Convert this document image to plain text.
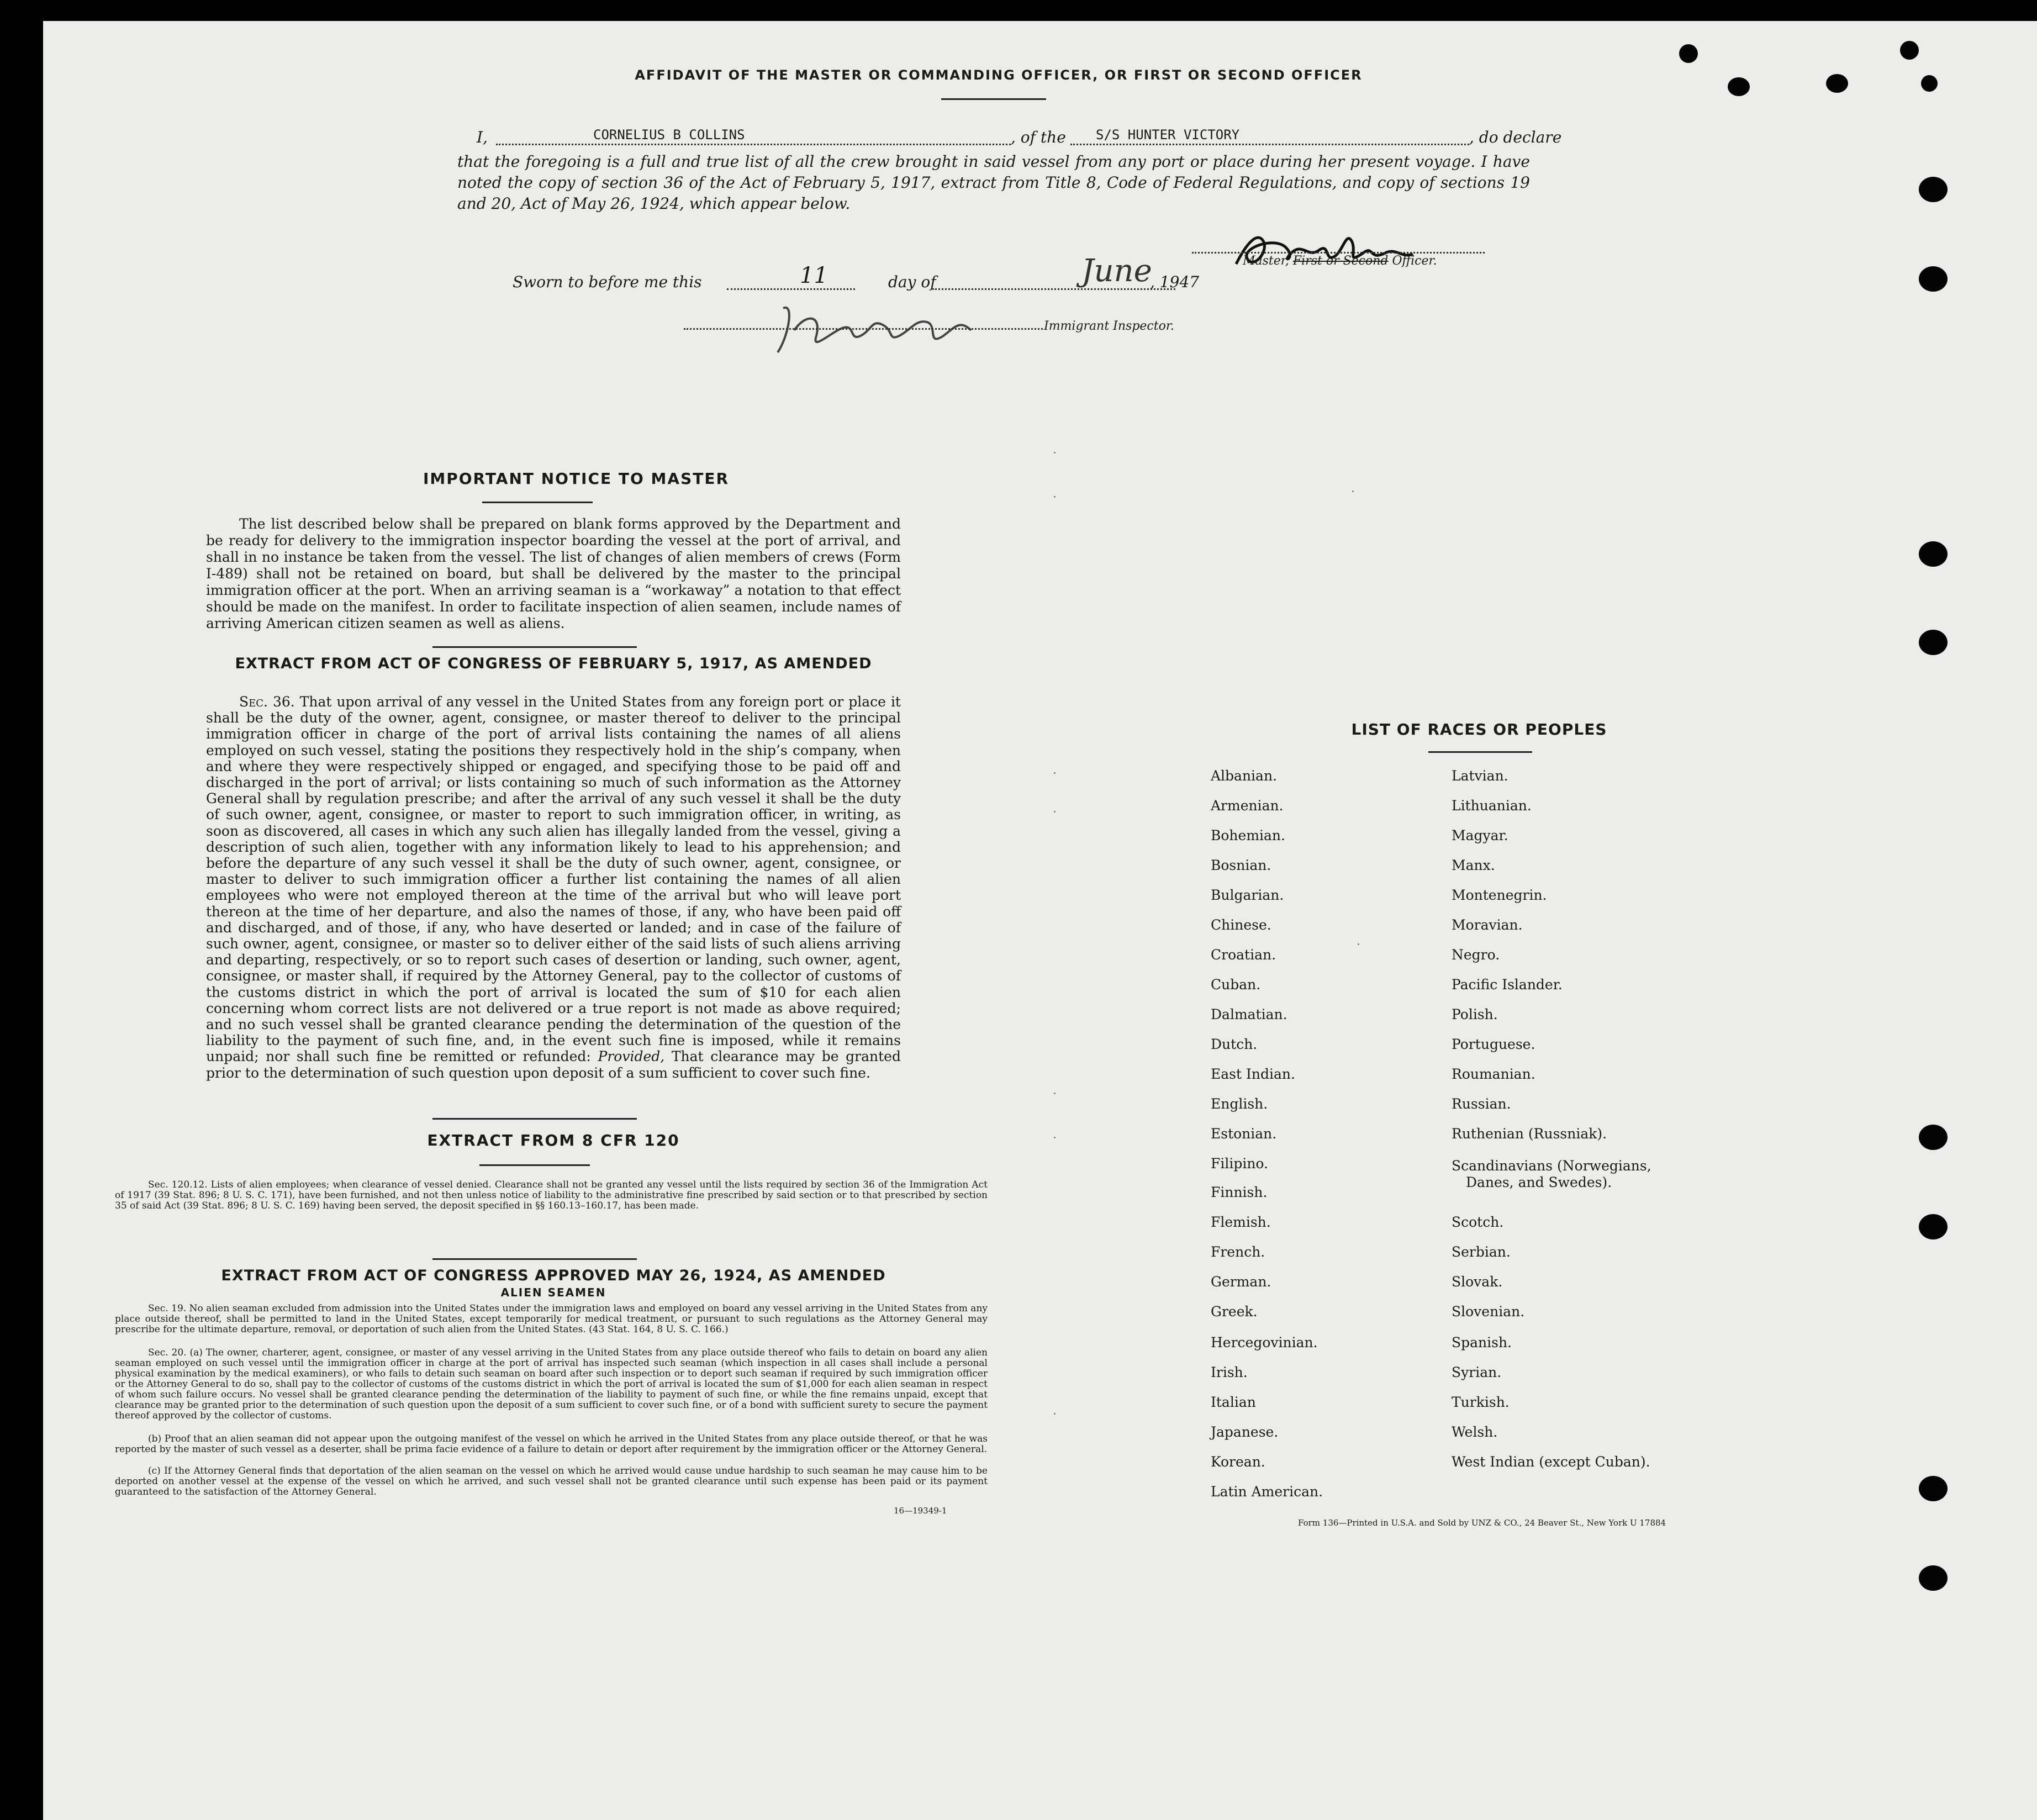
AFFIDAVIT OF THE MASTER OR COMMANDING OFFICER, OR FIRST OR SECOND OFFICER
I,	CORNELIUS B COLLINS	, of the S/S HUNTER VICTORY	, do declare
that the foregoing is a full and true list of all the crew brought in said vessel from any port or place during her present voyage. I have noted the copy of section 36 of the Act of February 5, 1917, extract from Title 8, Code of Federal Regulations, and copy of sections 19 and 20, Act of May 26, 1924, which appear below.
Master, First or Second Officer.
Sworn to before me this	11	day of	June
, 1947
Immigrant Inspector.
IMPORTANT NOTICE TO MASTER
The list described below shall be prepared on blank forms approved by the Department and be ready for delivery to the immigration inspector boarding the vessel at the port of arrival, and shall in no instance be taken from the vessel. The list of changes of alien members of crews (Form I-489) shall not be retained on board, but shall be delivered by the master to the principal immigration officer at the port. When an arriving seaman is a “workaway” a notation to that effect should be made on the manifest. In order to facilitate inspection of alien seamen, include names of arriving American citizen seamen as well as aliens.
EXTRACT FROM ACT OF CONGRESS OF FEBRUARY 5, 1917, AS AMENDED
Sec. 36. That upon arrival of any vessel in the United States from any foreign port or place it shall be the duty of the owner, agent, consignee, or master thereof to deliver to the principal immigration officer in charge of the port of arrival lists containing the names of all aliens employed on such vessel, stating the positions they respectively hold in the ship’s company, when and where they were respectively shipped or engaged, and specifying those to be paid off and discharged in the port of arrival; or lists containing so much of such information as the Attorney General shall by regulation prescribe; and after the arrival of any such vessel it shall be the duty of such owner, agent, consignee, or master to report to such immigration officer, in writing, as soon as discovered, all cases in which any such alien has illegally landed from the vessel, giving a description of such alien, together with any information likely to lead to his apprehension; and before the departure of any such vessel it shall be the duty of such owner, agent, consignee, or master to deliver to such immigration officer a further list containing the names of all alien employees who were not employed thereon at the time of the arrival but who will leave port thereon at the time of her departure, and also the names of those, if any, who have been paid off and discharged, and of those, if any, who have deserted or landed; and in case of the failure of such owner, agent, consignee, or master so to deliver either of the said lists of such aliens arriving and departing, respectively, or so to report such cases of desertion or landing, such owner, agent, consignee, or master shall, if required by the Attorney General, pay to the collector of customs of the customs district in which the port of arrival is located the sum of $10 for each alien concerning whom correct lists are not delivered or a true report is not made as above required; and no such vessel shall be granted clearance pending the determination of the question of the liability to the payment of such fine, and, in the event such fine is imposed, while it remains unpaid; nor shall such fine be remitted or refunded: Provided, That clearance may be granted prior to the determination of such question upon deposit of a sum sufficient to cover such fine.
EXTRACT FROM 8 CFR 120
Sec. 120.12. Lists of alien employees; when clearance of vessel denied. Clearance shall not be granted any vessel until the lists required by section 36 of the Immigration Act of 1917 (39 Stat. 896; 8 U. S. C. 171), have been furnished, and not then unless notice of liability to the administrative fine prescribed by said section or to that prescribed by section 35 of said Act (39 Stat. 896; 8 U. S. C. 169) having been served, the deposit specified in §§ 160.13–160.17, has been made.
EXTRACT FROM ACT OF CONGRESS APPROVED MAY 26, 1924, AS AMENDED
ALIEN SEAMEN
Sec. 19. No alien seaman excluded from admission into the United States under the immigration laws and employed on board any vessel arriving in the United States from any place outside thereof, shall be permitted to land in the United States, except temporarily for medical treatment, or pursuant to such regulations as the Attorney General may prescribe for the ultimate departure, removal, or deportation of such alien from the United States. (43 Stat. 164, 8 U. S. C. 166.)
Sec. 20. (a) The owner, charterer, agent, consignee, or master of any vessel arriving in the United States from any place outside thereof who fails to detain on board any alien seaman employed on such vessel until the immigration officer in charge at the port of arrival has inspected such seaman (which inspection in all cases shall include a personal physical examination by the medical examiners), or who fails to detain such seaman on board after such inspection or to deport such seaman if required by such immigration officer or the Attorney General to do so, shall pay to the collector of customs of the customs district in which the port of arrival is located the sum of $1,000 for each alien seaman in respect of whom such failure occurs. No vessel shall be granted clearance pending the determination of the liability to payment of such fine, or while the fine remains unpaid, except that clearance may be granted prior to the determination of such question upon the deposit of a sum sufficient to cover such fine, or of a bond with sufficient surety to secure the payment thereof approved by the collector of customs.
(b) Proof that an alien seaman did not appear upon the outgoing manifest of the vessel on which he arrived in the United States from any place outside thereof, or that he was reported by the master of such vessel as a deserter, shall be prima facie evidence of a failure to detain or deport after requirement by the immigration officer or the Attorney General.
(c) If the Attorney General finds that deportation of the alien seaman on the vessel on which he arrived would cause undue hardship to such seaman he may cause him to be deported on another vessel at the expense of the vessel on which he arrived, and such vessel shall not be granted clearance until such expense has been paid or its payment guaranteed to the satisfaction of the Attorney General.
16—19349-1
LIST OF RACES OR PEOPLES
Albanian.
Armenian.
Bohemian.
Bosnian.
Bulgarian.
Chinese.
Croatian.
Cuban.
Dalmatian.
Dutch.
East Indian.
English.
Estonian.
Filipino.
Finnish.
Flemish.
French.
German.
Greek.
Hercegovinian.
Irish.
Italian
Japanese.
Korean.
Latin American.
Latvian.
Lithuanian.
Magyar.
Manx.
Montenegrin.
Moravian.
Negro.
Pacific Islander.
Polish.
Portuguese.
Roumanian.
Russian.
Ruthenian (Russniak).
Scandinavians (Norwegians,
Danes, and Swedes).
Scotch.
Serbian.
Slovak.
Slovenian.
Spanish.
Syrian.
Turkish.
Welsh.
West Indian (except Cuban).
Form 136—Printed in U.S.A. and Sold by UNZ & CO., 24 Beaver St., New York U 17884
